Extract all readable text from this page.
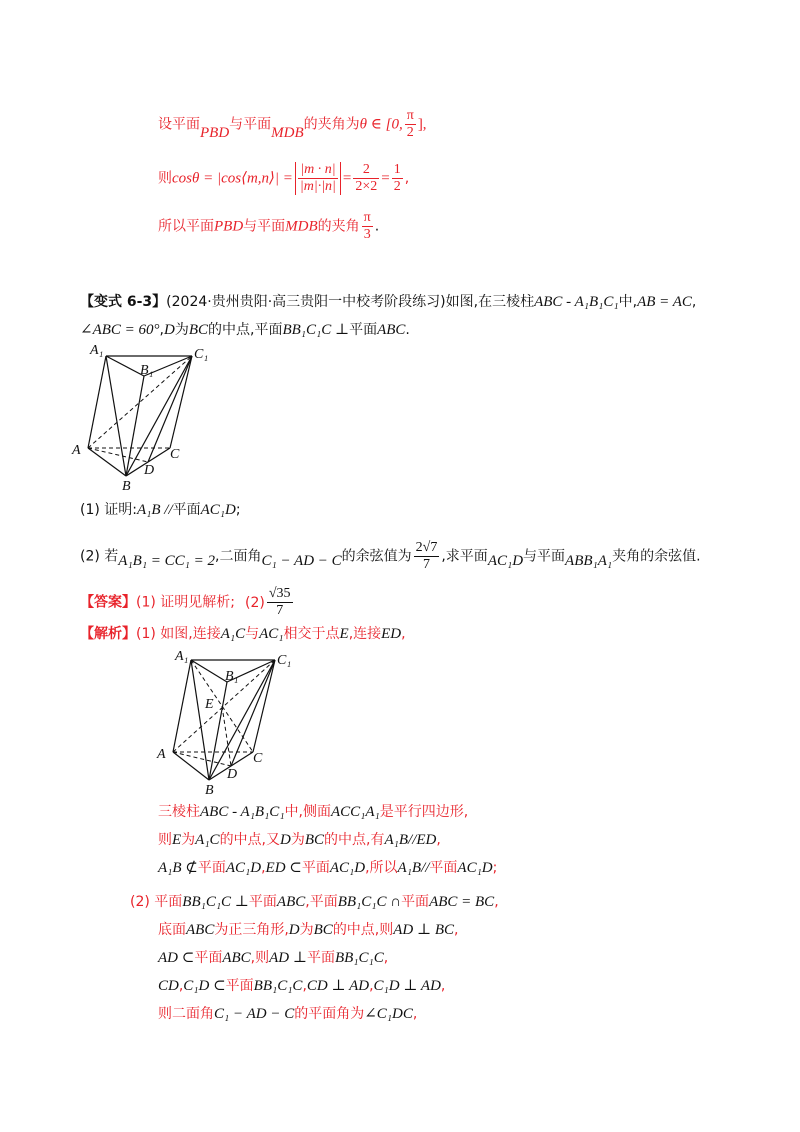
设平面PBD与平面MDB的夹角为θ ∈ [0, $\frac{\pi}{2}$ ],
则cosθ = |cos⟨m,n⟩| = $\frac{|m \cdot n|}{|m|\cdot|n|} = \frac{2}{2\times 2} = \frac{1}{2}$ ,
所以平面PBD与平面MDB的夹角 $\frac{\pi}{3}$ .
【变式 6-3】(2024·贵州贵阳·高三贵阳一中校考阶段练习)如图,在三棱柱ABC - A₁B₁C₁中,AB = AC,
∠ABC = 60°,D为BC的中点,平面BB₁C₁C ⊥平面ABC.
A₁	C₁
B₁
A	C
D
B
(1) 证明:A₁B //平面AC₁D;
(2) 若A₁B₁ = CC₁ = 2,二面角C₁ − AD − C的余弦值为 $\frac{2√7}{7}$ ,求平面AC₁D与平面ABB₁A₁夹角的余弦值.
【答案】(1) 证明见解析; $(2) \frac{√35}{7}$
【解析】(1) 如图,连接A₁C与AC₁相交于点E,连接ED,
A₁	C₁
B₁
E
A	C
D
B
三棱柱ABC - A₁B₁C₁中,侧面ACC₁A₁是平行四边形,
则E为A₁C的中点,又D为BC的中点,有A₁B//ED,
A₁B ⊄平面AC₁D,ED ⊂平面AC₁D,所以A₁B//平面AC₁D;
(2) 平面BB₁C₁C ⊥平面ABC,平面BB₁C₁C ∩平面ABC = BC,
底面ABC为正三角形,D为BC的中点,则AD ⊥ BC,
AD ⊂平面ABC,则AD ⊥平面BB₁C₁C,
CD,C₁D ⊂平面BB₁C₁C,CD ⊥ AD,C₁D ⊥ AD,
则二面角C₁ − AD − C的平面角为∠C₁DC,
